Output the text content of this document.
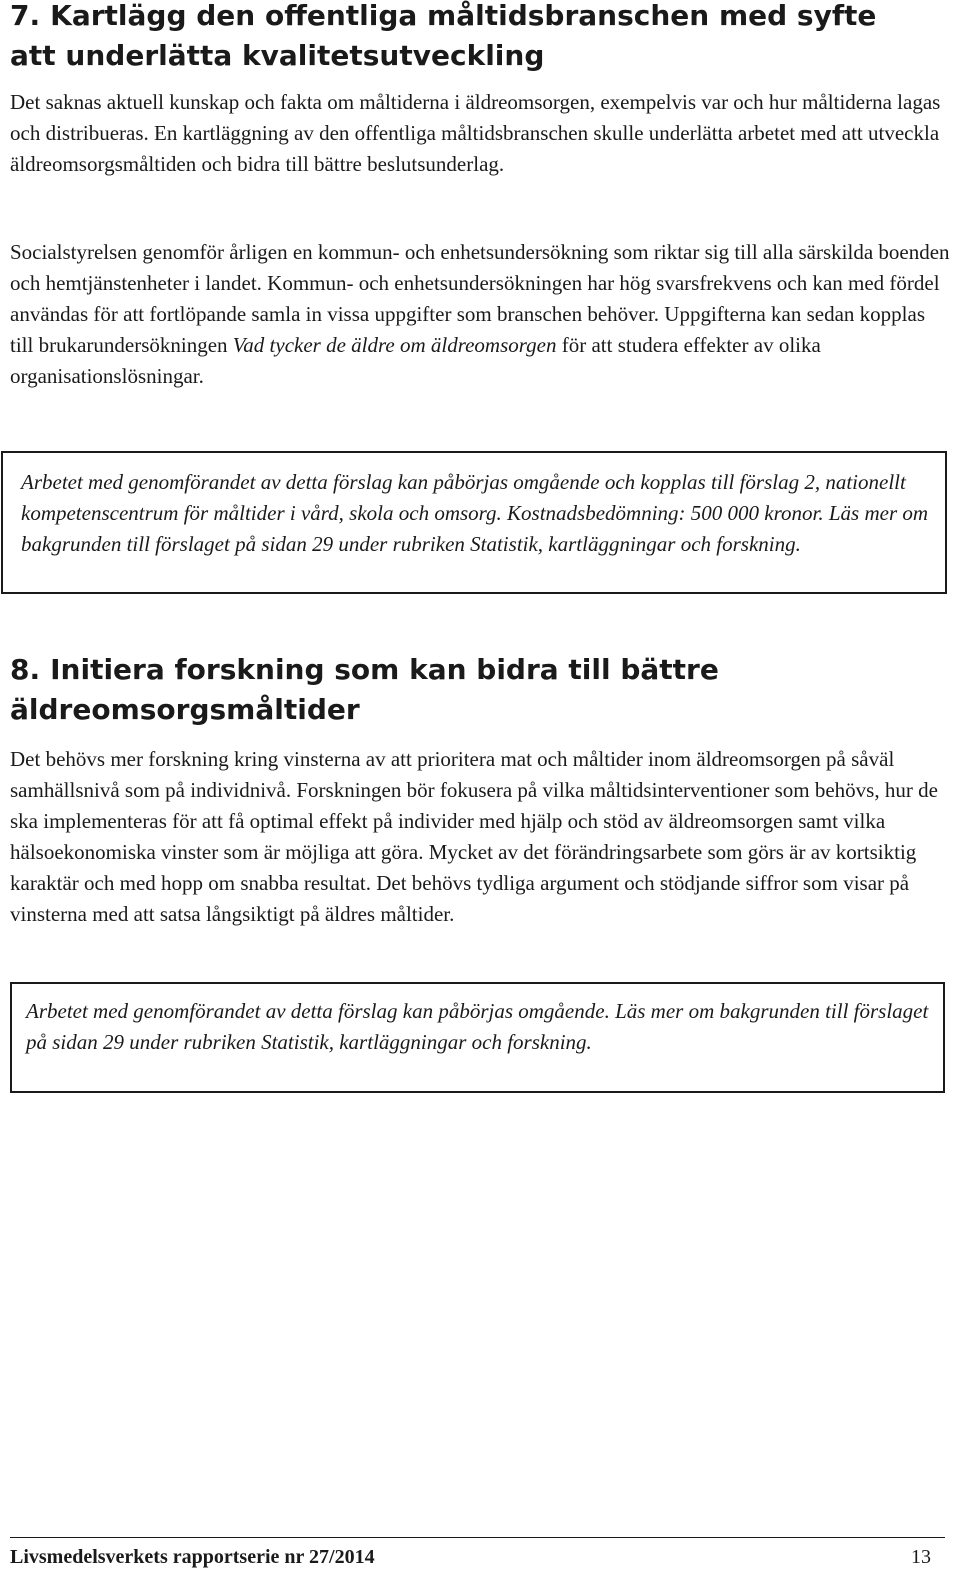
7. Kartlägg den offentliga måltidsbranschen med syfte att underlätta kvalitetsutveckling

Det saknas aktuell kunskap och fakta om måltiderna i äldreomsorgen, exempelvis var och hur måltiderna lagas och distribueras. En kartläggning av den offentliga måltidsbranschen skulle underlätta arbetet med att utveckla äldreomsorgsmåltiden och bidra till bättre beslutsunderlag.

Socialstyrelsen genomför årligen en kommun- och enhetsundersökning som riktar sig till alla särskilda boenden och hemtjänstenheter i landet. Kommun- och enhetsundersökningen har hög svarsfrekvens och kan med fördel användas för att fortlöpande samla in vissa uppgifter som branschen behöver. Uppgifterna kan sedan kopplas till brukarundersökningen Vad tycker de äldre om äldreomsorgen för att studera effekter av olika organisationslösningar.

Arbetet med genomförandet av detta förslag kan påbörjas omgående och kopplas till förslag 2, nationellt kompetenscentrum för måltider i vård, skola och omsorg. Kostnadsbedömning: 500 000 kronor. Läs mer om bakgrunden till förslaget på sidan 29 under rubriken Statistik, kartläggningar och forskning.
8. Initiera forskning som kan bidra till bättre äldreomsorgsmåltider

Det behövs mer forskning kring vinsterna av att prioritera mat och måltider inom äldreomsorgen på såväl samhällsnivå som på individnivå. Forskningen bör fokusera på vilka måltidsinterventioner som behövs, hur de ska implementeras för att få optimal effekt på individer med hjälp och stöd av äldreomsorgen samt vilka hälsoekonomiska vinster som är möjliga att göra. Mycket av det förändringsarbete som görs är av kortsiktig karaktär och med hopp om snabba resultat. Det behövs tydliga argument och stödjande siffror som visar på vinsterna med att satsa långsiktigt på äldres måltider.

Arbetet med genomförandet av detta förslag kan påbörjas omgående. Läs mer om bakgrunden till förslaget på sidan 29 under rubriken Statistik, kartläggningar och forskning.
Livsmedelsverkets rapportserie nr 27/2014	13
